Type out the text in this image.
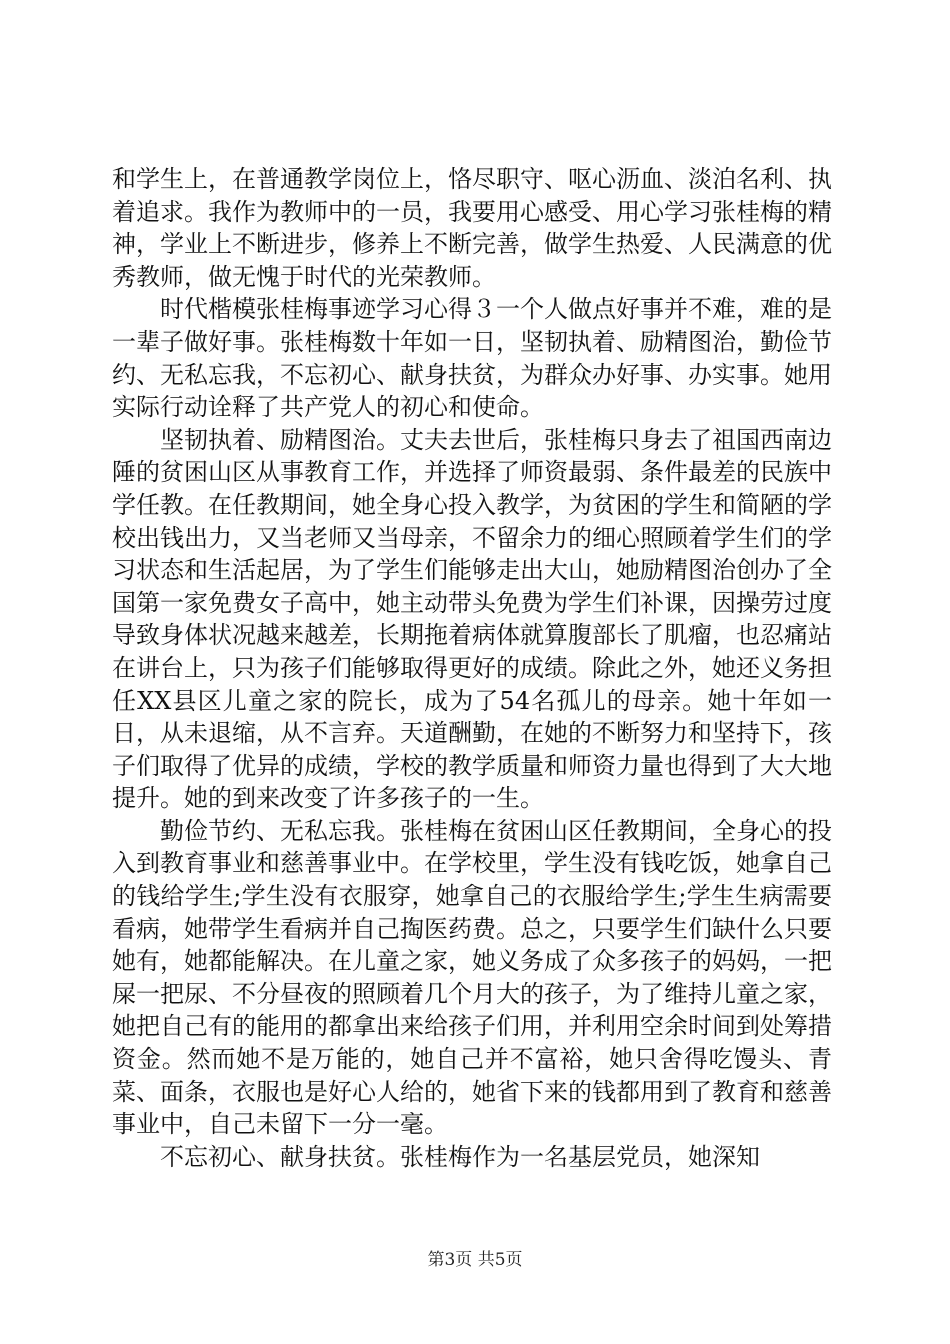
和学生上，在普通教学岗位上，恪尽职守、呕心沥血、淡泊名利、执着追求。我作为教师中的一员，我要用心感受、用心学习张桂梅的精神，学业上不断进步，修养上不断完善，做学生热爱、人民满意的优秀教师，做无愧于时代的光荣教师。

时代楷模张桂梅事迹学习心得３一个人做点好事并不难，难的是一辈子做好事。张桂梅数十年如一日，坚韧执着、励精图治，勤俭节约、无私忘我，不忘初心、献身扶贫，为群众办好事、办实事。她用实际行动诠释了共产党人的初心和使命。

坚韧执着、励精图治。丈夫去世后，张桂梅只身去了祖国西南边陲的贫困山区从事教育工作，并选择了师资最弱、条件最差的民族中学任教。在任教期间，她全身心投入教学，为贫困的学生和简陋的学校出钱出力，又当老师又当母亲，不留余力的细心照顾着学生们的学习状态和生活起居，为了学生们能够走出大山，她励精图治创办了全国第一家免费女子高中，她主动带头免费为学生们补课，因操劳过度导致身体状况越来越差，长期拖着病体就算腹部长了肌瘤，也忍痛站在讲台上，只为孩子们能够取得更好的成绩。除此之外，她还义务担任XX县区儿童之家的院长，成为了54名孤儿的母亲。她十年如一日，从未退缩，从不言弃。天道酬勤，在她的不断努力和坚持下，孩子们取得了优异的成绩，学校的教学质量和师资力量也得到了大大地提升。她的到来改变了许多孩子的一生。

勤俭节约、无私忘我。张桂梅在贫困山区任教期间，全身心的投入到教育事业和慈善事业中。在学校里，学生没有钱吃饭，她拿自己的钱给学生;学生没有衣服穿，她拿自己的衣服给学生;学生生病需要看病，她带学生看病并自己掏医药费。总之，只要学生们缺什么只要她有，她都能解决。在儿童之家，她义务成了众多孩子的妈妈，一把屎一把尿、不分昼夜的照顾着几个月大的孩子，为了维持儿童之家，她把自己有的能用的都拿出来给孩子们用，并利用空余时间到处筹措资金。然而她不是万能的，她自己并不富裕，她只舍得吃馒头、青菜、面条，衣服也是好心人给的，她省下来的钱都用到了教育和慈善事业中，自己未留下一分一毫。

不忘初心、献身扶贫。张桂梅作为一名基层党员，她深知

第3页 共5页
